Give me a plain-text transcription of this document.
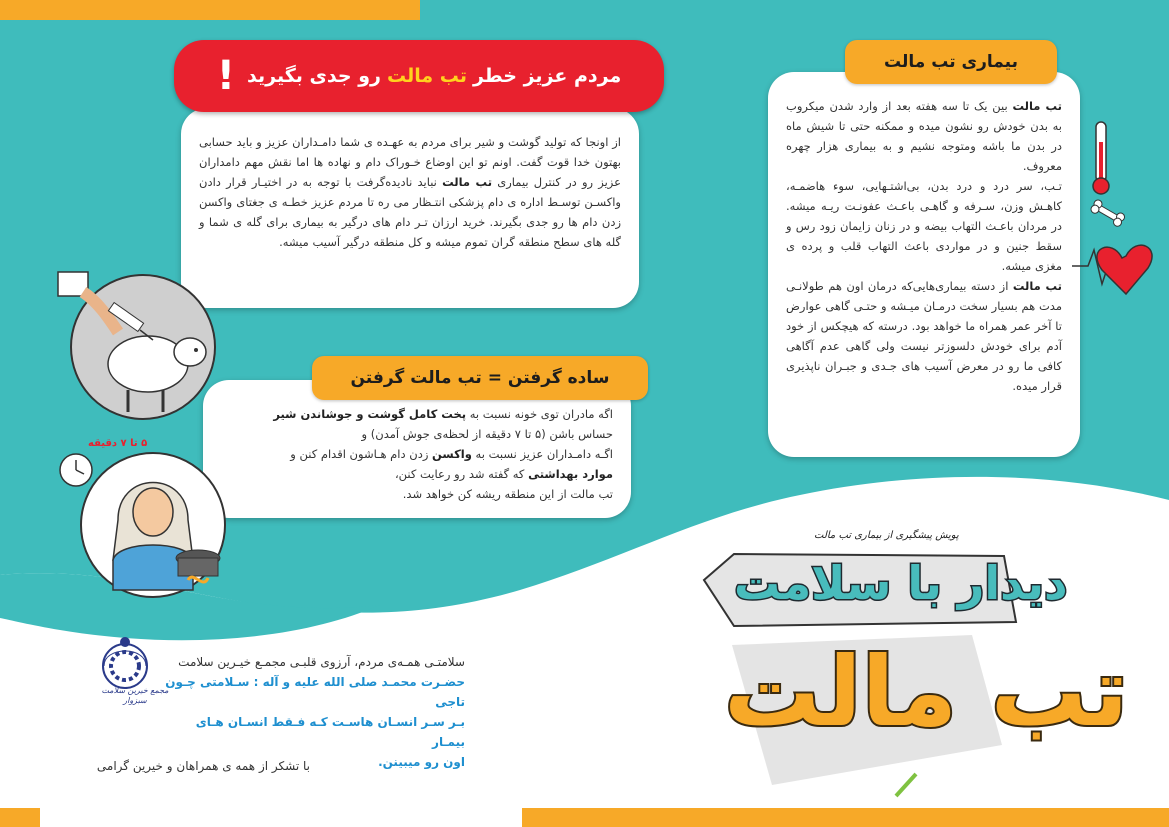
تب مالت بین یک تا سه هفته بعد از وارد شدن میکروب به بدن خودش رو نشون میده و ممکنه حتی تا شیش ماه در بدن ما باشه ومتوجه نشیم و به بیماری هزار چهره معروف.

تـب، سر درد و درد بدن، بی‌اشتـهایی، سوء هاضمـه، کاهـش وزن، سـرفه و گاهـی باعـث عفونـت ریـه میشه. در مردان باعـث التهاب بیضه و در زنان زایمان زود رس و سقط جنین و در مواردی باعث التهاب قلب و پرده ی مغزی میشه.

تب مالت از دسته بیماری‌هایی‌که درمان اون هم طولانـی مدت هم بسیار سخت درمـان میـشه و حتـی گاهی عوارض تا آخر عمر همراه ما خواهد بود. درسته که هیچکس از خود آدم برای خودش دلسوزتر نیست ولی گاهی عدم آگاهی کافی ما رو در معرض آسیب های جـدی و جبـران ناپذیری قرار میده.

بیماری تب مالت

از اونجا که تولید گوشت و شیر برای مردم به عهـده ی شما دامـداران عزیز و باید حسابی بهتون خدا قوت گفت. اونم تو این اوضاع خـوراک دام و نهاده ها اما نقش مهم دامداران عزیز رو در کنترل بیماری تب مالت نباید نادیده‌گرفت با توجه به در اختیـار قرار دادن واکسـن توسـط اداره ی دام پزشکی انتـظار می ره تا مردم عزیز خطـه ی جغتای واکسن زدن دام ها رو جدی بگیرند. خرید ارزان تـر دام های درگیر به بیماری برای گله ی شما و گله های سطح منطقه گران تموم میشه و کل منطقه درگیر آسیب میشه.

مردم عزیز خطر
تب مالت
رو جدی بگیرید
!

اگه مادران توی خونه نسبت به پخت کامل گوشت و جوشاندن شیر

حساس باشن (۵ تا ۷ دقیقه از لحظه‌ی جوش آمدن) و

اگـه دامـداران عزیز نسبت به واکسن زدن دام هـاشون اقدام کنن و

موارد بهداشتی که گفته شد رو رعایت کنن،

تب مالت از این منطقه ریشه کن خواهد شد.

ساده گرفتن = تب مالت گرفتن
۵ تا ۷ دقیقه
سلامتـی همـه‌ی مردم، آرزوی قلبـی مجمـع خیـرین سلامت
حضـرت محمـد صلی الله علیه و آله : سـلامتی چـون تاجی
بـر سـر انسـان هاسـت کـه فـقط انسـان هـای بیمـار
اون رو میبینن.
با تشکر از همه ی همراهان و خیرین گرامی
مجمع خیرین سلامت سبزوار
پویش پیشگیری از بیماری تب مالت
دیدار با سلامت
تب مالت
